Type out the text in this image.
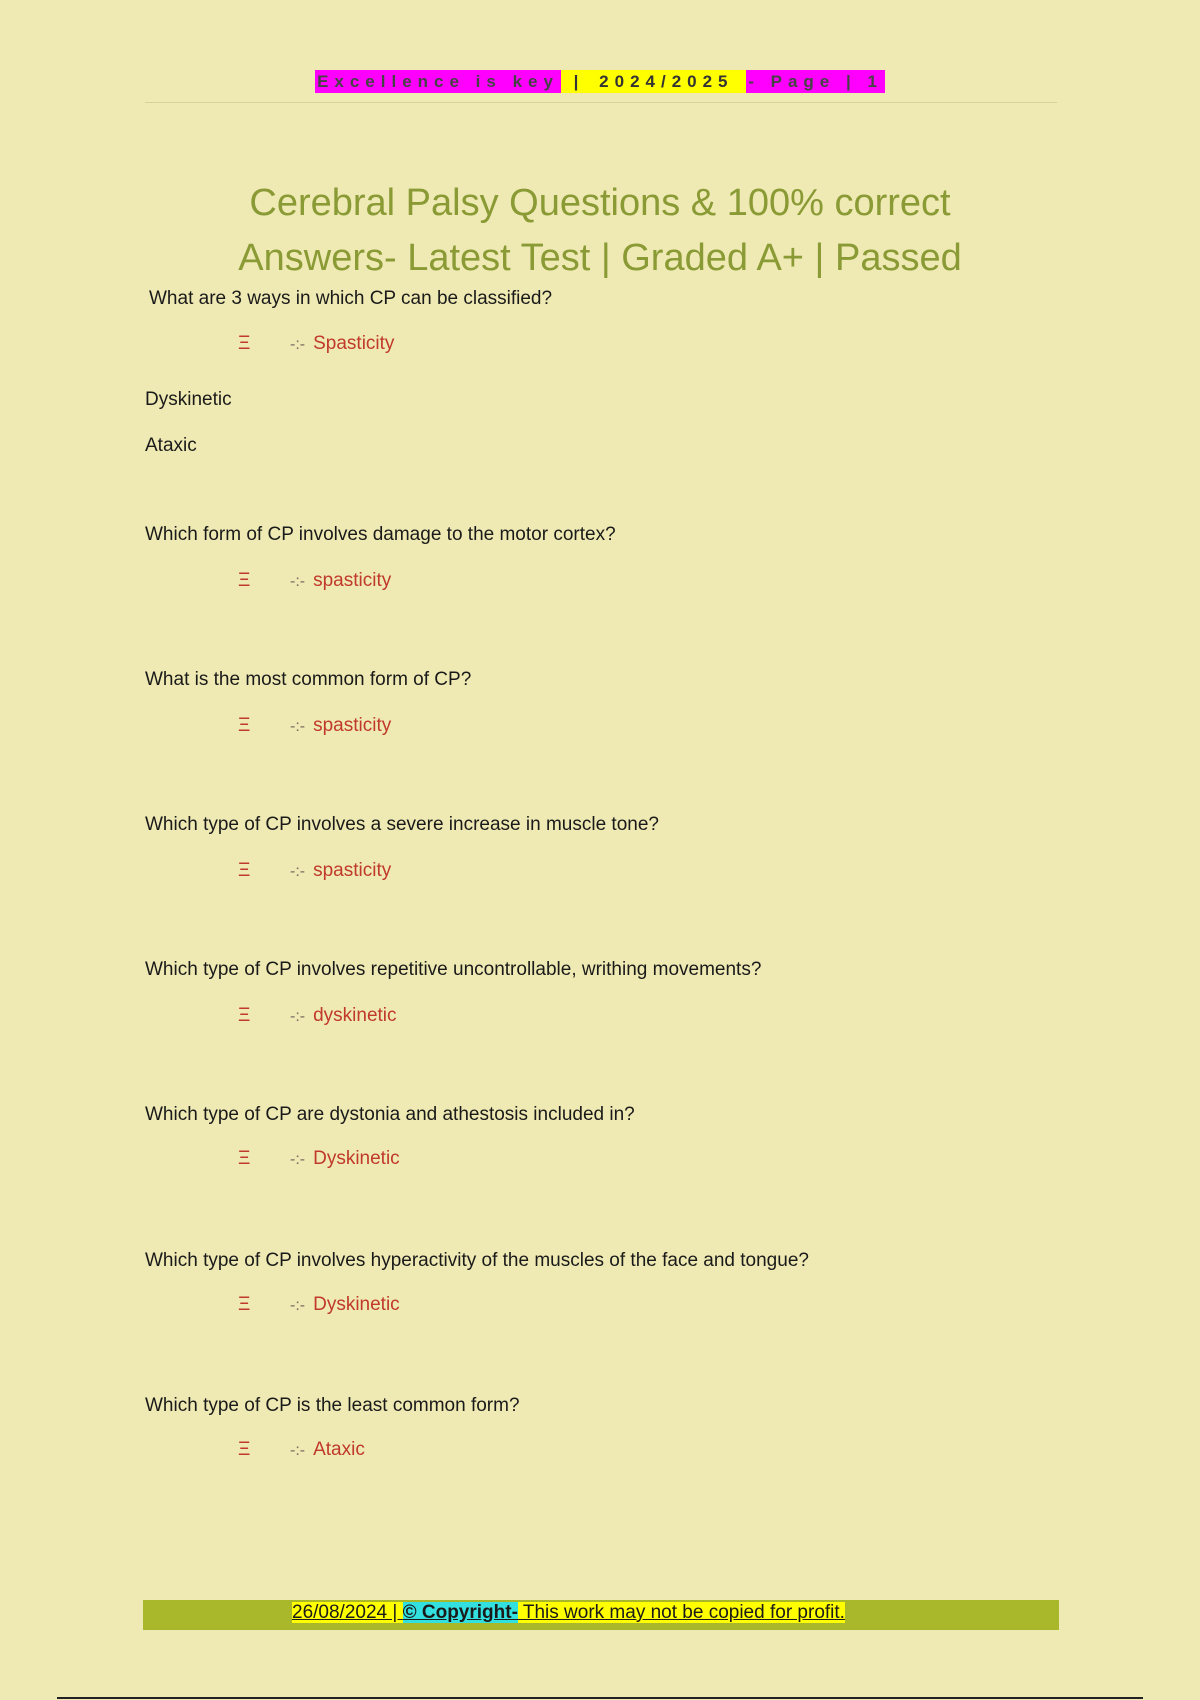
Excellence is key | 2024/2025 - Page | 1
Cerebral Palsy Questions & 100% correct
Answers- Latest Test | Graded A+ | Passed
What are 3 ways in which CP can be classified?
Ξ -:- Spasticity
Dyskinetic
Ataxic
Which form of CP involves damage to the motor cortex?
Ξ -:- spasticity
What is the most common form of CP?
Ξ -:- spasticity
Which type of CP involves a severe increase in muscle tone?
Ξ -:- spasticity
Which type of CP involves repetitive uncontrollable, writhing movements?
Ξ -:- dyskinetic
Which type of CP are dystonia and athestosis included in?
Ξ -:- Dyskinetic
Which type of CP involves hyperactivity of the muscles of the face and tongue?
Ξ -:- Dyskinetic
Which type of CP is the least common form?
Ξ -:- Ataxic
26/08/2024 | © Copyright- This work may not be copied for profit.
